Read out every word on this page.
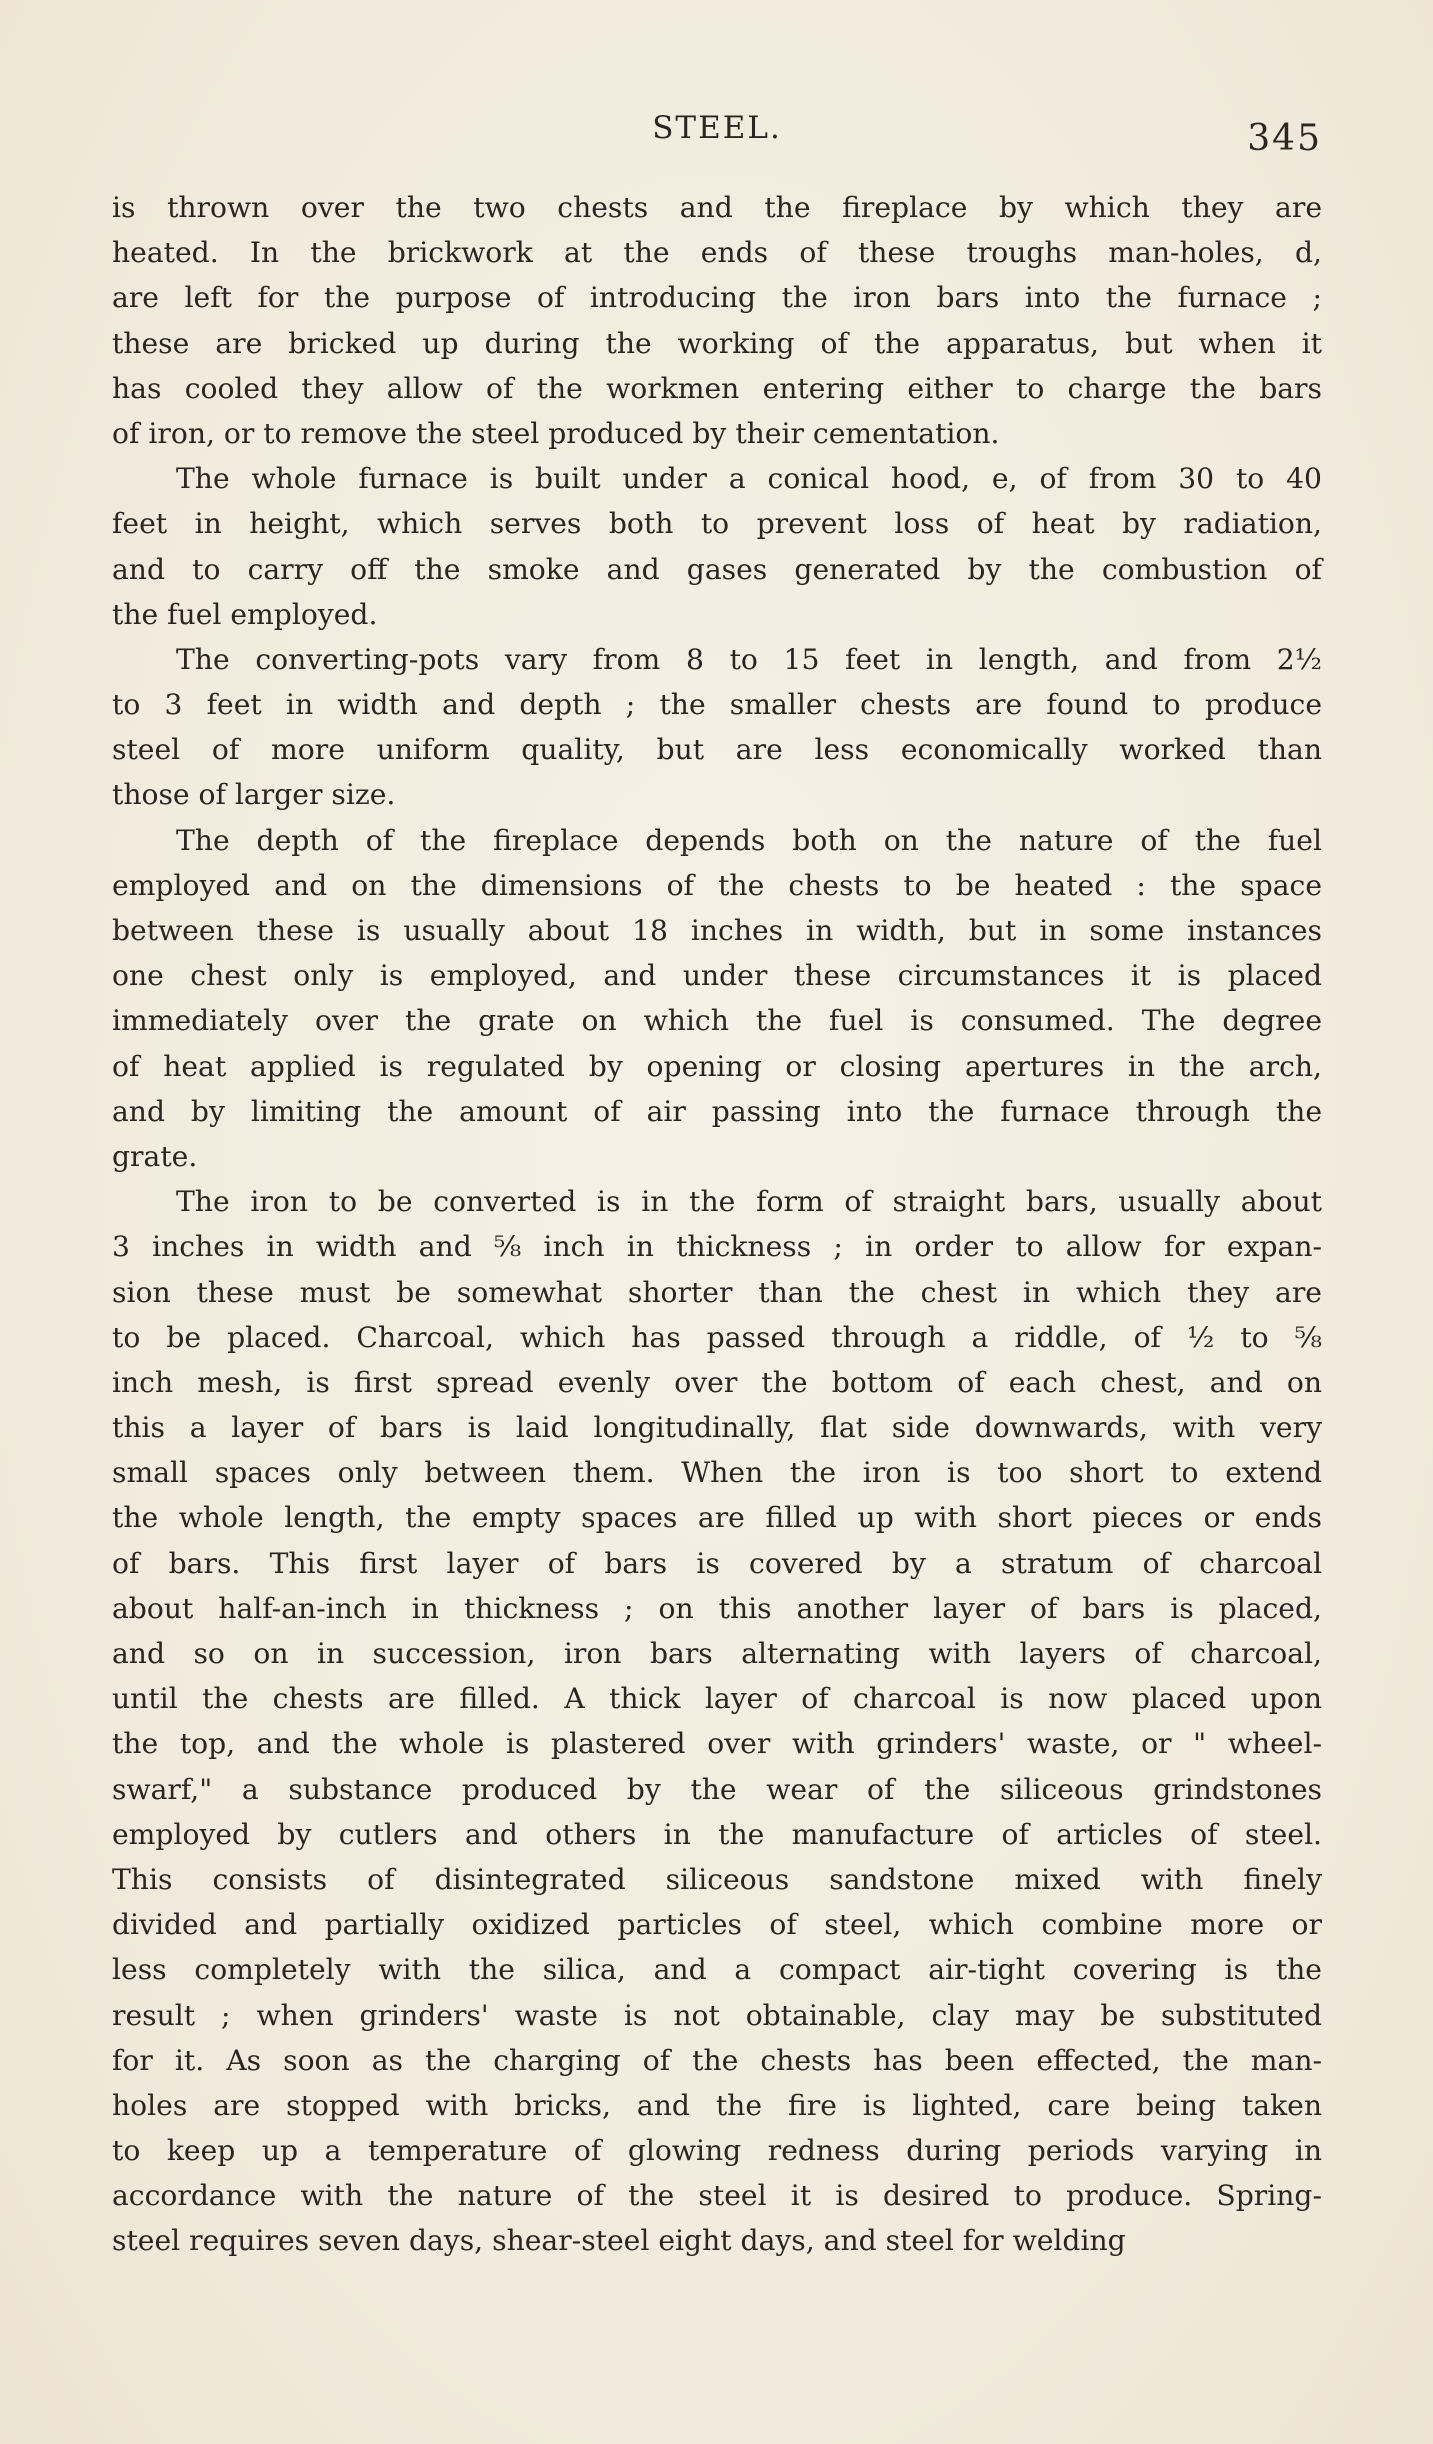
STEEL.	345
is thrown over the two chests and the fireplace by which they are
heated. In the brickwork at the ends of these troughs man-holes, d,
are left for the purpose of introducing the iron bars into the furnace ;
these are bricked up during the working of the apparatus, but when it
has cooled they allow of the workmen entering either to charge the bars
of iron, or to remove the steel produced by their cementation.
The whole furnace is built under a conical hood, e, of from 30 to 40
feet in height, which serves both to prevent loss of heat by radiation,
and to carry off the smoke and gases generated by the combustion of
the fuel employed.
The converting-pots vary from 8 to 15 feet in length, and from 2½
to 3 feet in width and depth ; the smaller chests are found to produce
steel of more uniform quality, but are less economically worked than
those of larger size.
The depth of the fireplace depends both on the nature of the fuel
employed and on the dimensions of the chests to be heated : the space
between these is usually about 18 inches in width, but in some instances
one chest only is employed, and under these circumstances it is placed
immediately over the grate on which the fuel is consumed. The degree
of heat applied is regulated by opening or closing apertures in the arch,
and by limiting the amount of air passing into the furnace through the
grate.
The iron to be converted is in the form of straight bars, usually about
3 inches in width and ⅝ inch in thickness ; in order to allow for expan-
sion these must be somewhat shorter than the chest in which they are
to be placed. Charcoal, which has passed through a riddle, of ½ to ⅝
inch mesh, is first spread evenly over the bottom of each chest, and on
this a layer of bars is laid longitudinally, flat side downwards, with very
small spaces only between them. When the iron is too short to extend
the whole length, the empty spaces are filled up with short pieces or ends
of bars. This first layer of bars is covered by a stratum of charcoal
about half-an-inch in thickness ; on this another layer of bars is placed,
and so on in succession, iron bars alternating with layers of charcoal,
until the chests are filled. A thick layer of charcoal is now placed upon
the top, and the whole is plastered over with grinders' waste, or " wheel-
swarf," a substance produced by the wear of the siliceous grindstones
employed by cutlers and others in the manufacture of articles of steel.
This consists of disintegrated siliceous sandstone mixed with finely
divided and partially oxidized particles of steel, which combine more or
less completely with the silica, and a compact air-tight covering is the
result ; when grinders' waste is not obtainable, clay may be substituted
for it. As soon as the charging of the chests has been effected, the man-
holes are stopped with bricks, and the fire is lighted, care being taken
to keep up a temperature of glowing redness during periods varying in
accordance with the nature of the steel it is desired to produce. Spring-
steel requires seven days, shear-steel eight days, and steel for welding
